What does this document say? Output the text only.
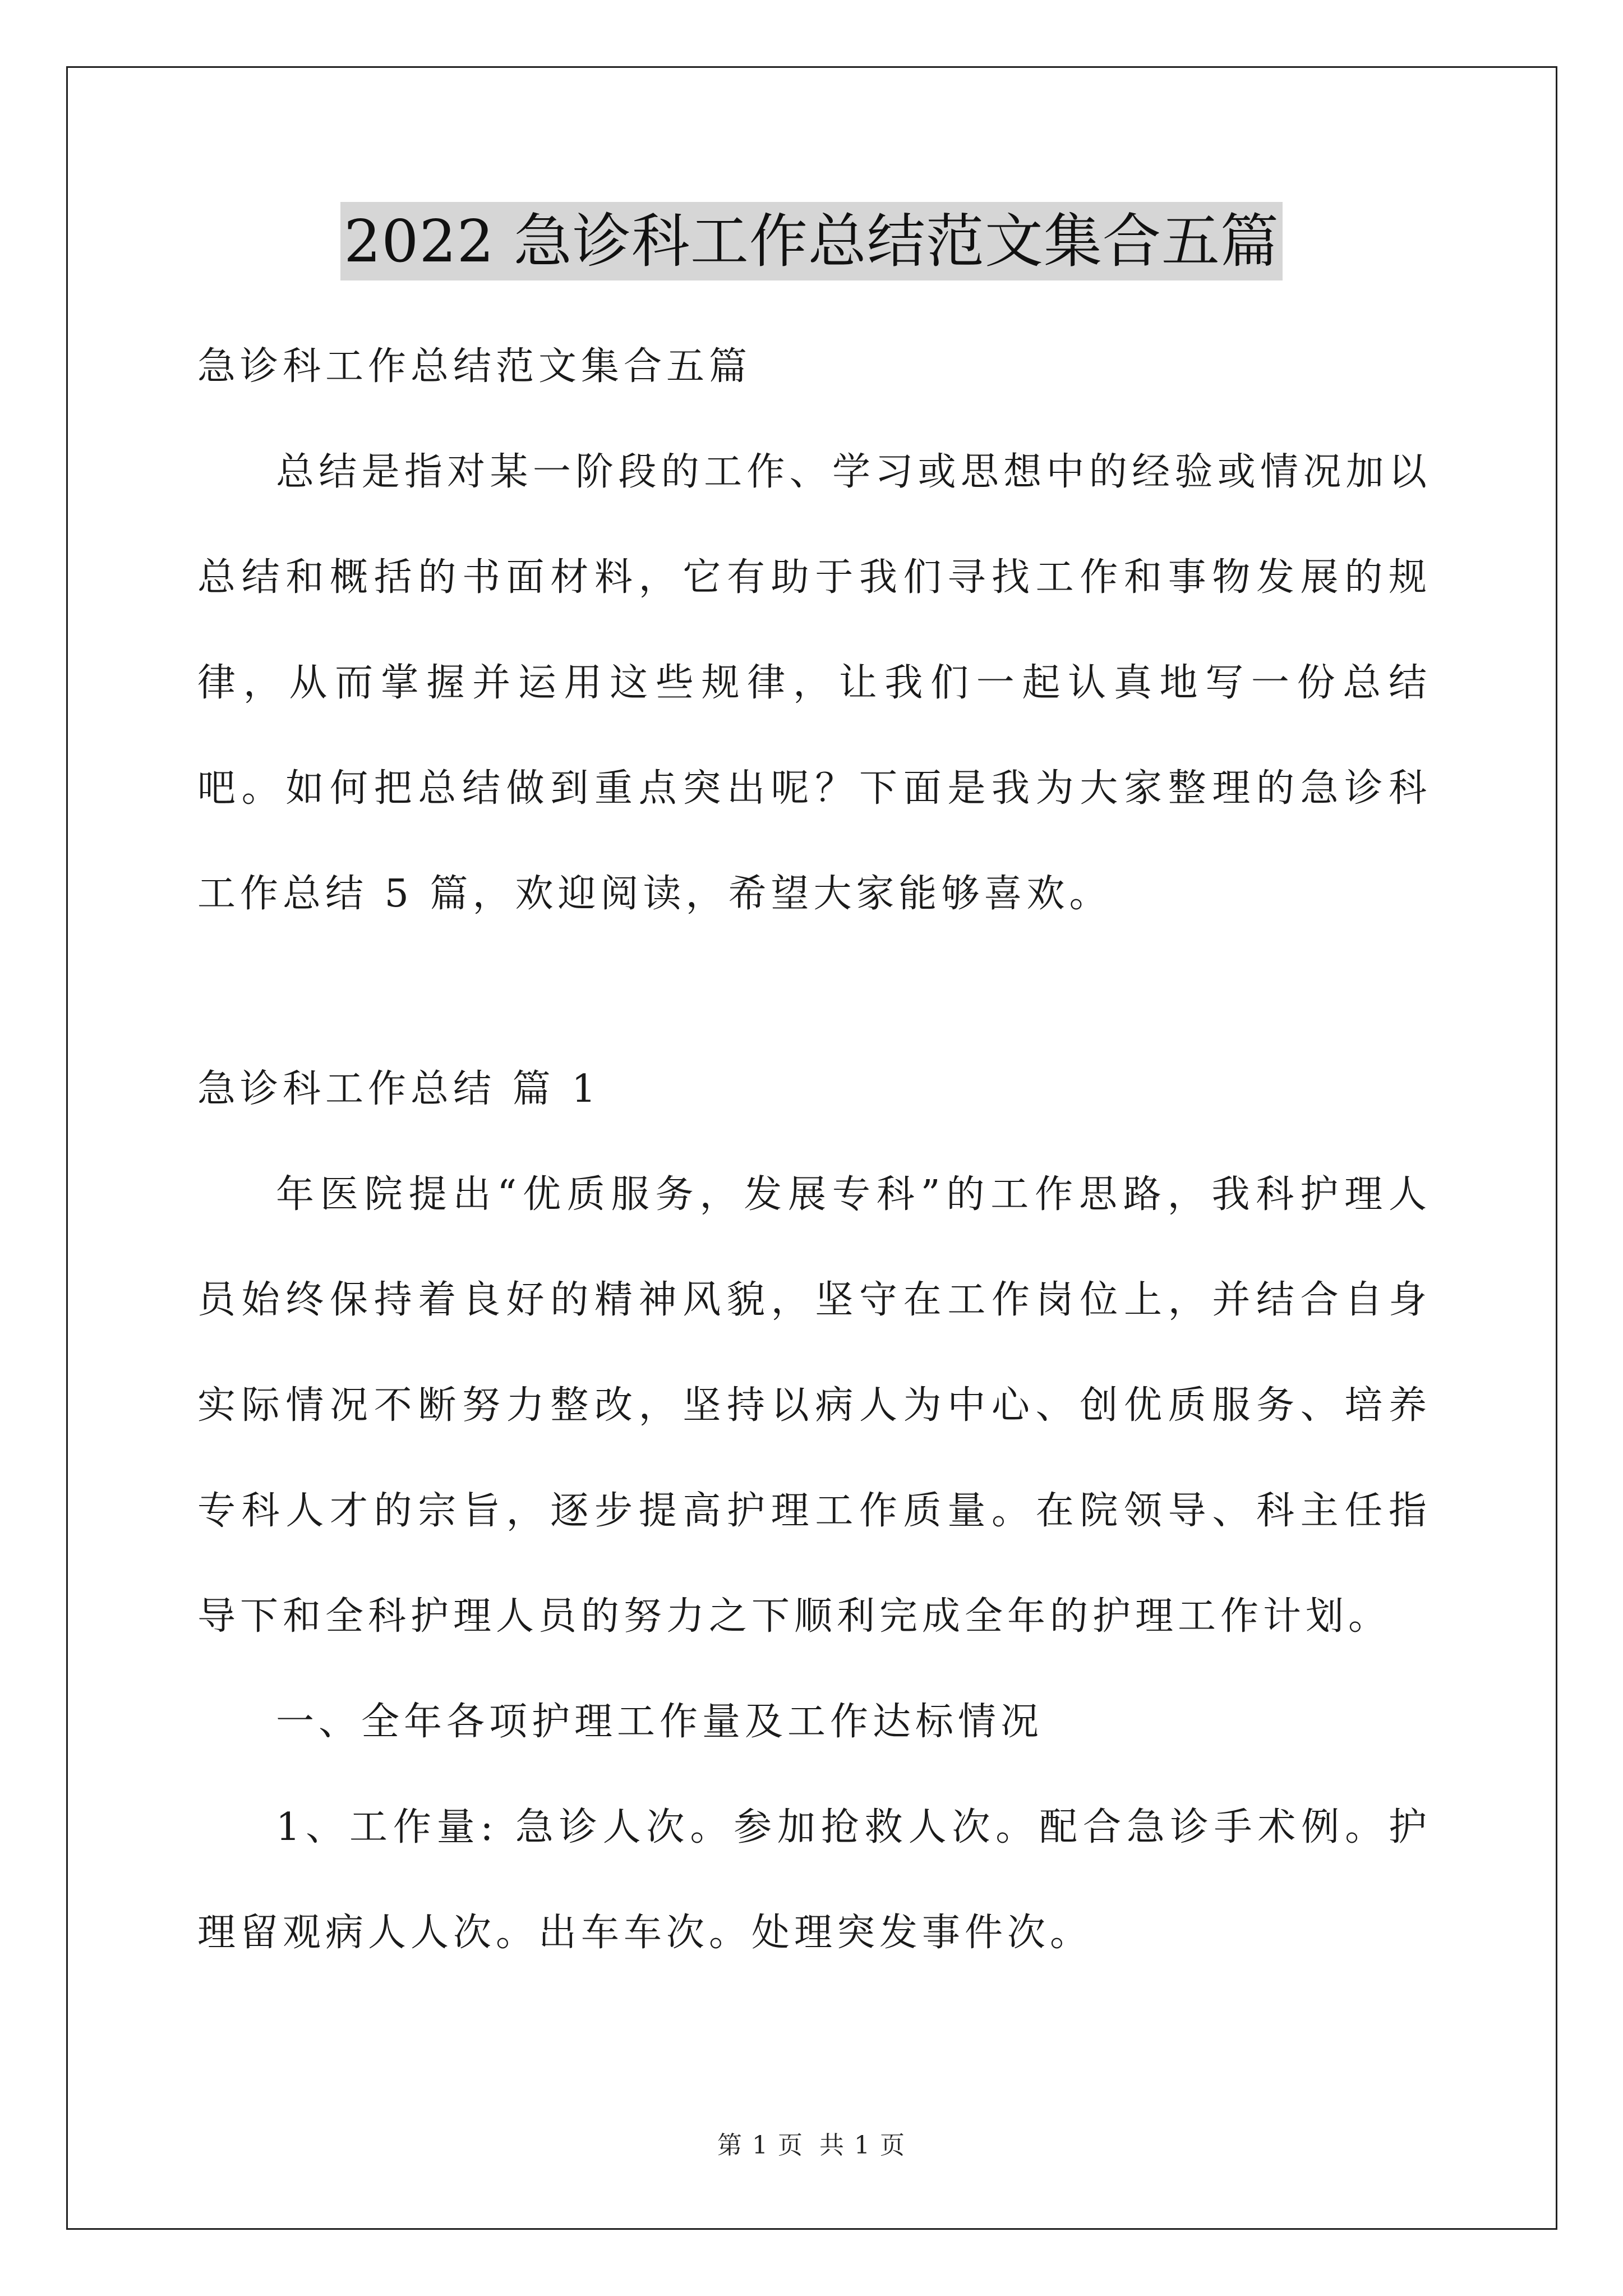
2022 急诊科工作总结范文集合五篇
急诊科工作总结范文集合五篇

总结是指对某一阶段的工作、学习或思想中的经验或情况加以总结和概括的书面材料，它有助于我们寻找工作和事物发展的规律，从而掌握并运用这些规律，让我们一起认真地写一份总结吧。如何把总结做到重点突出呢？下面是我为大家整理的急诊科工作总结 5 篇，欢迎阅读，希望大家能够喜欢。

急诊科工作总结 篇 1

年医院提出“优质服务，发展专科”的工作思路，我科护理人员始终保持着良好的精神风貌，坚守在工作岗位上，并结合自身实际情况不断努力整改，坚持以病人为中心、创优质服务、培养专科人才的宗旨，逐步提高护理工作质量。在院领导、科主任指导下和全科护理人员的努力之下顺利完成全年的护理工作计划。

一、全年各项护理工作量及工作达标情况

1、工作量: 急诊人次。参加抢救人次。配合急诊手术例。护理留观病人人次。出车车次。处理突发事件次。

第 1 页 共 1 页
